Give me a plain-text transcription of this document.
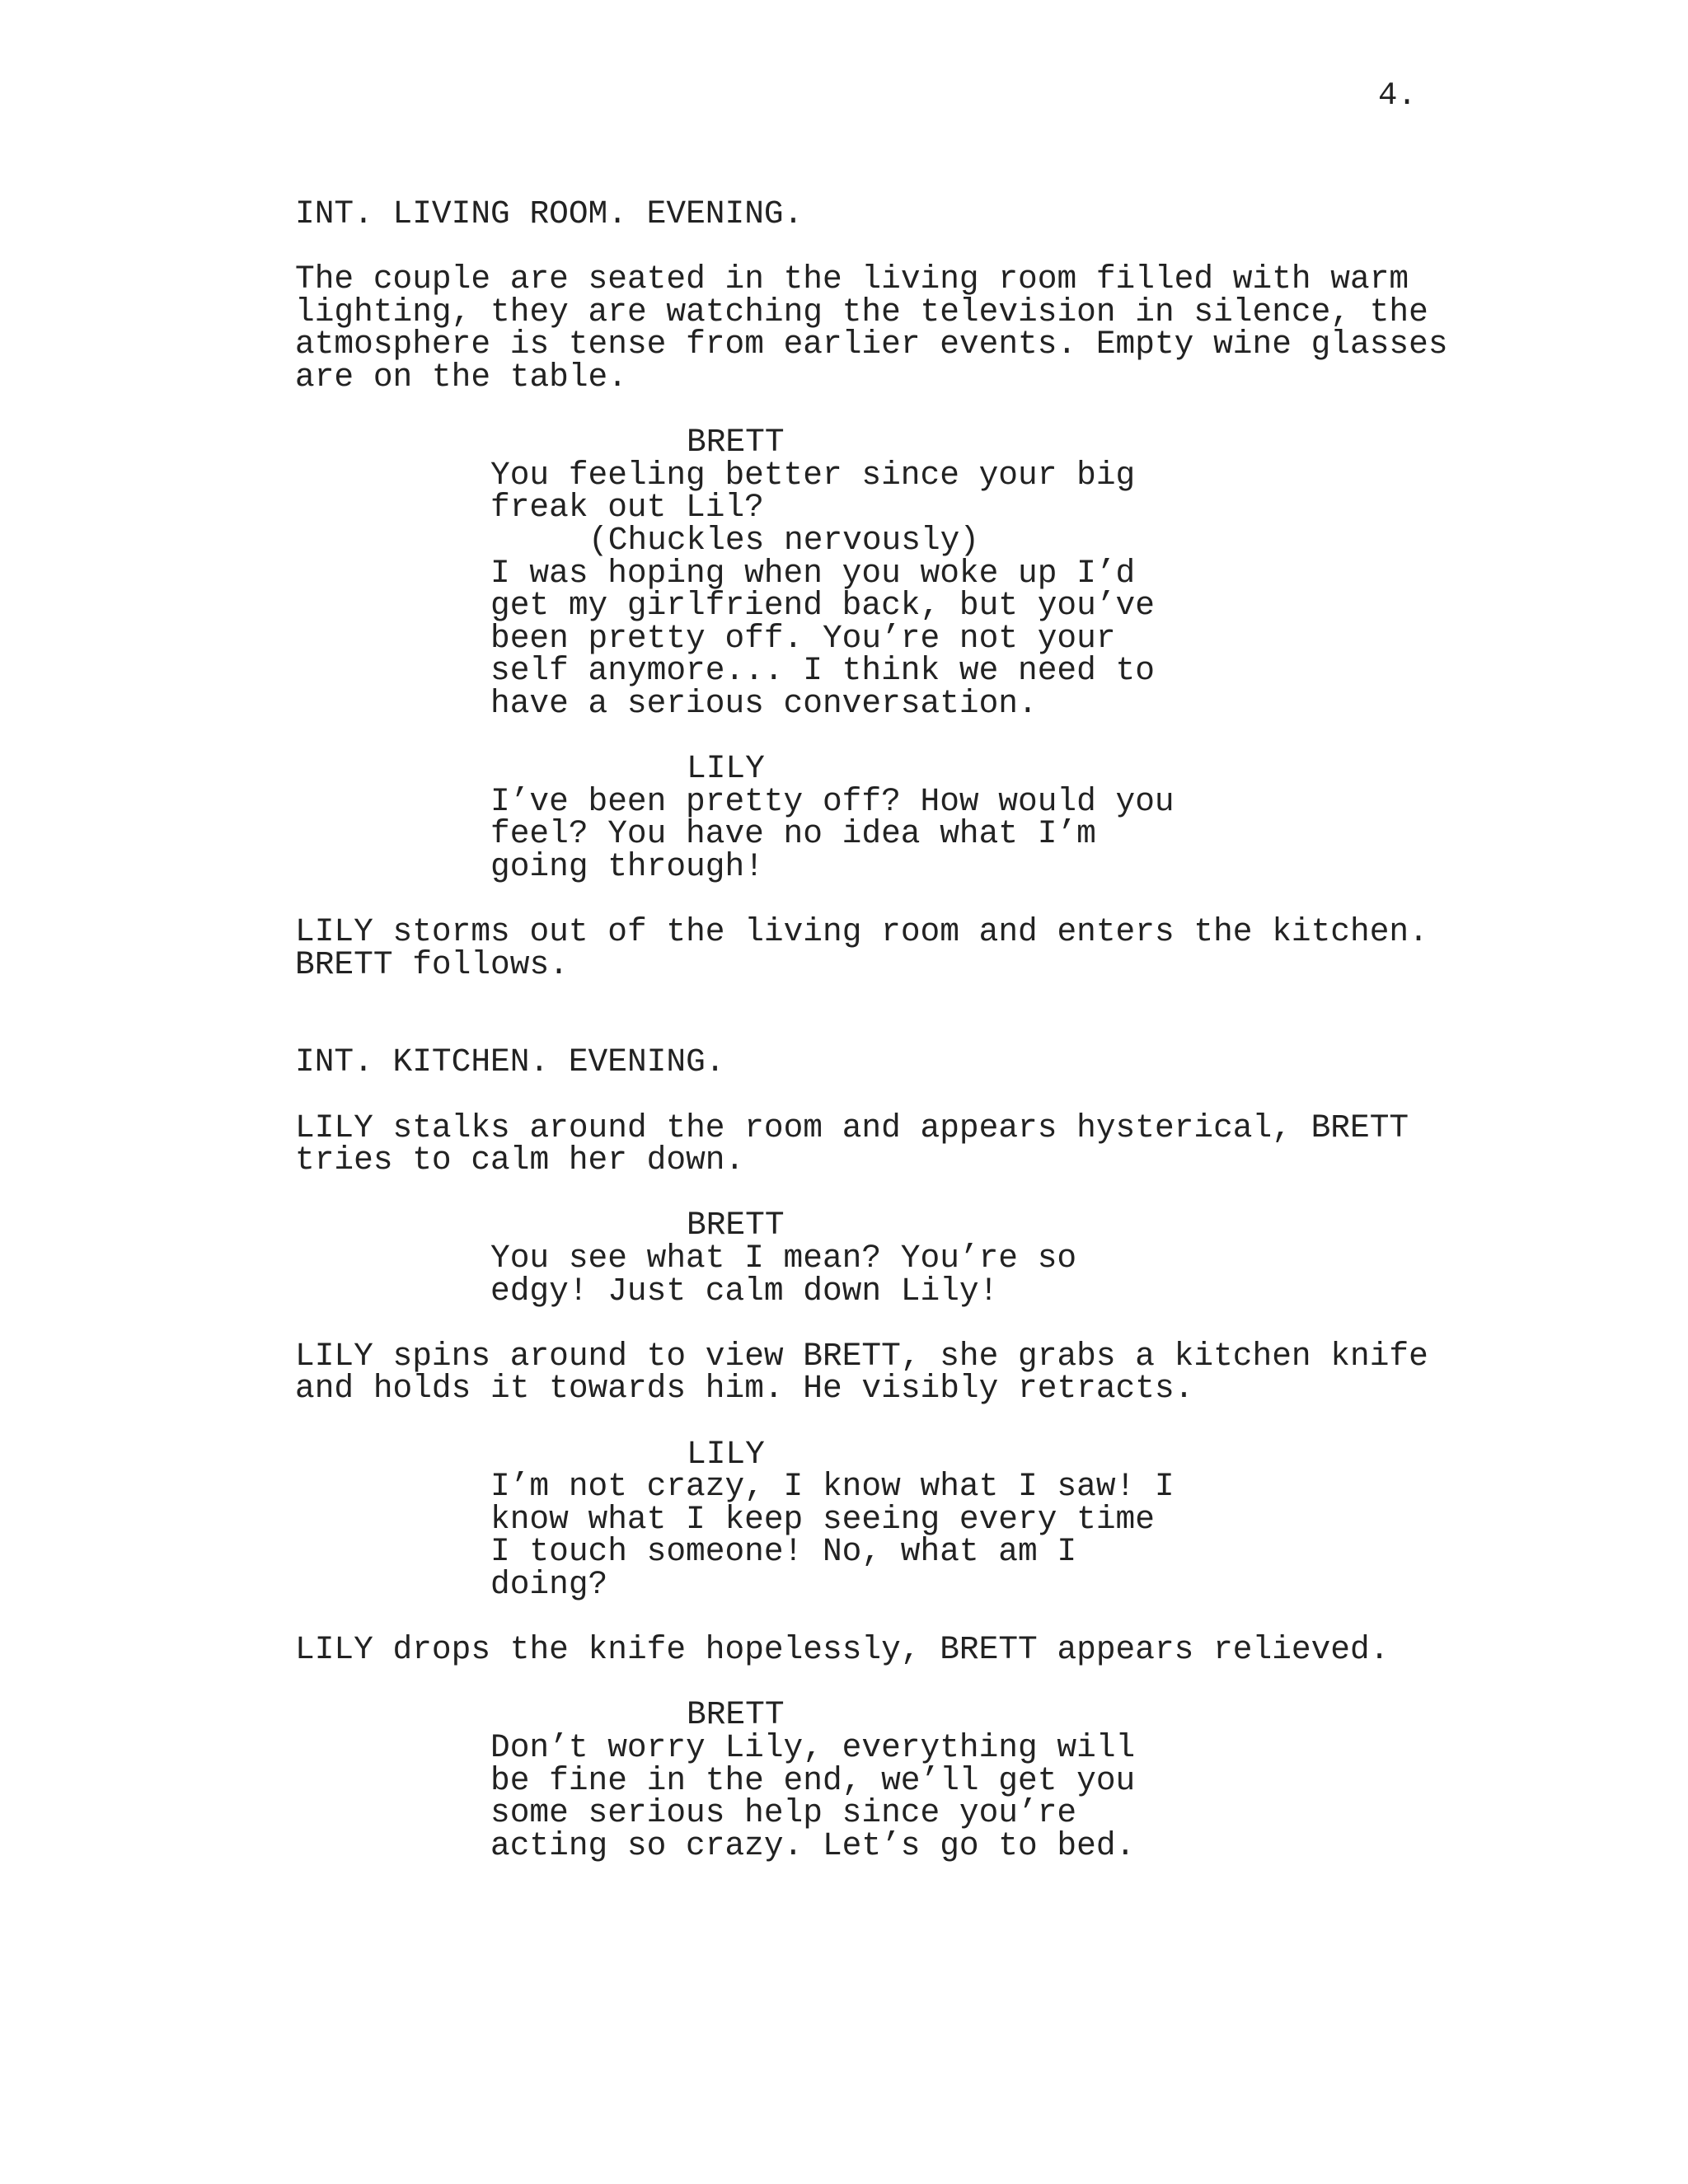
4.
INT. LIVING ROOM. EVENING.
The couple are seated in the living room filled with warm
lighting, they are watching the television in silence, the
atmosphere is tense from earlier events. Empty wine glasses
are on the table.
BRETT
You feeling better since your big
freak out Lil?
(Chuckles nervously)
I was hoping when you woke up I’d
get my girlfriend back, but you’ve
been pretty off. You’re not your
self anymore... I think we need to
have a serious conversation.
LILY
I’ve been pretty off? How would you
feel? You have no idea what I’m
going through!
LILY storms out of the living room and enters the kitchen.
BRETT follows.
INT. KITCHEN. EVENING.
LILY stalks around the room and appears hysterical, BRETT
tries to calm her down.
BRETT
You see what I mean? You’re so
edgy! Just calm down Lily!
LILY spins around to view BRETT, she grabs a kitchen knife
and holds it towards him. He visibly retracts.
LILY
I’m not crazy, I know what I saw! I
know what I keep seeing every time
I touch someone! No, what am I
doing?
LILY drops the knife hopelessly, BRETT appears relieved.
BRETT
Don’t worry Lily, everything will
be fine in the end, we’ll get you
some serious help since you’re
acting so crazy. Let’s go to bed.
